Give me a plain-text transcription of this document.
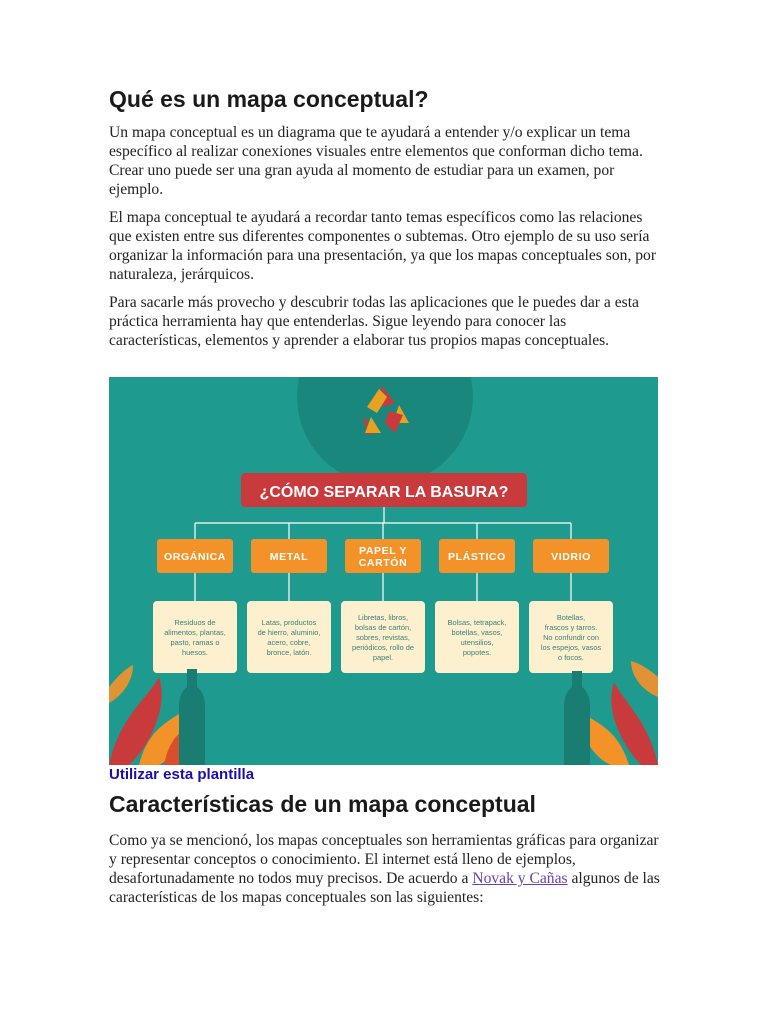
Qué es un mapa conceptual?

Un mapa conceptual es un diagrama que te ayudará a entender y/o explicar un tema específico al realizar conexiones visuales entre elementos que conforman dicho tema. Crear uno puede ser una gran ayuda al momento de estudiar para un examen, por ejemplo.

El mapa conceptual te ayudará a recordar tanto temas específicos como las relaciones que existen entre sus diferentes componentes o subtemas. Otro ejemplo de su uso sería organizar la información para una presentación, ya que los mapas conceptuales son, por naturaleza, jerárquicos.

Para sacarle más provecho y descubrir todas las aplicaciones que le puedes dar a esta práctica herramienta hay que entenderlas. Sigue leyendo para conocer las características, elementos y aprender a elaborar tus propios mapas conceptuales.

¿CÓMO SEPARAR LA BASURA?
ORGÁNICA
Residuos de
alimentos, plantas,
pasto, ramas o
huesos.
METAL
Latas, productos
de hierro, aluminio,
acero, cobre,
bronce, latón.
PAPEL Y
CARTÓN
Libretas, libros,
bolsas de cartón,
sobres, revistas,
periódicos, rollo de
papel.
PLÁSTICO
Bolsas, tetrapack,
botellas, vasos,
utensilios,
popotes.
VIDRIO
Botellas,
frascos y tarros.
No confundir con
los espejos, vasos
o focos.
Utilizar esta plantilla
Características de un mapa conceptual

Como ya se mencionó, los mapas conceptuales son herramientas gráficas para organizar y representar conceptos o conocimiento. El internet está lleno de ejemplos, desafortunadamente no todos muy precisos. De acuerdo a Novak y Cañas algunos de las características de los mapas conceptuales son las siguientes:
